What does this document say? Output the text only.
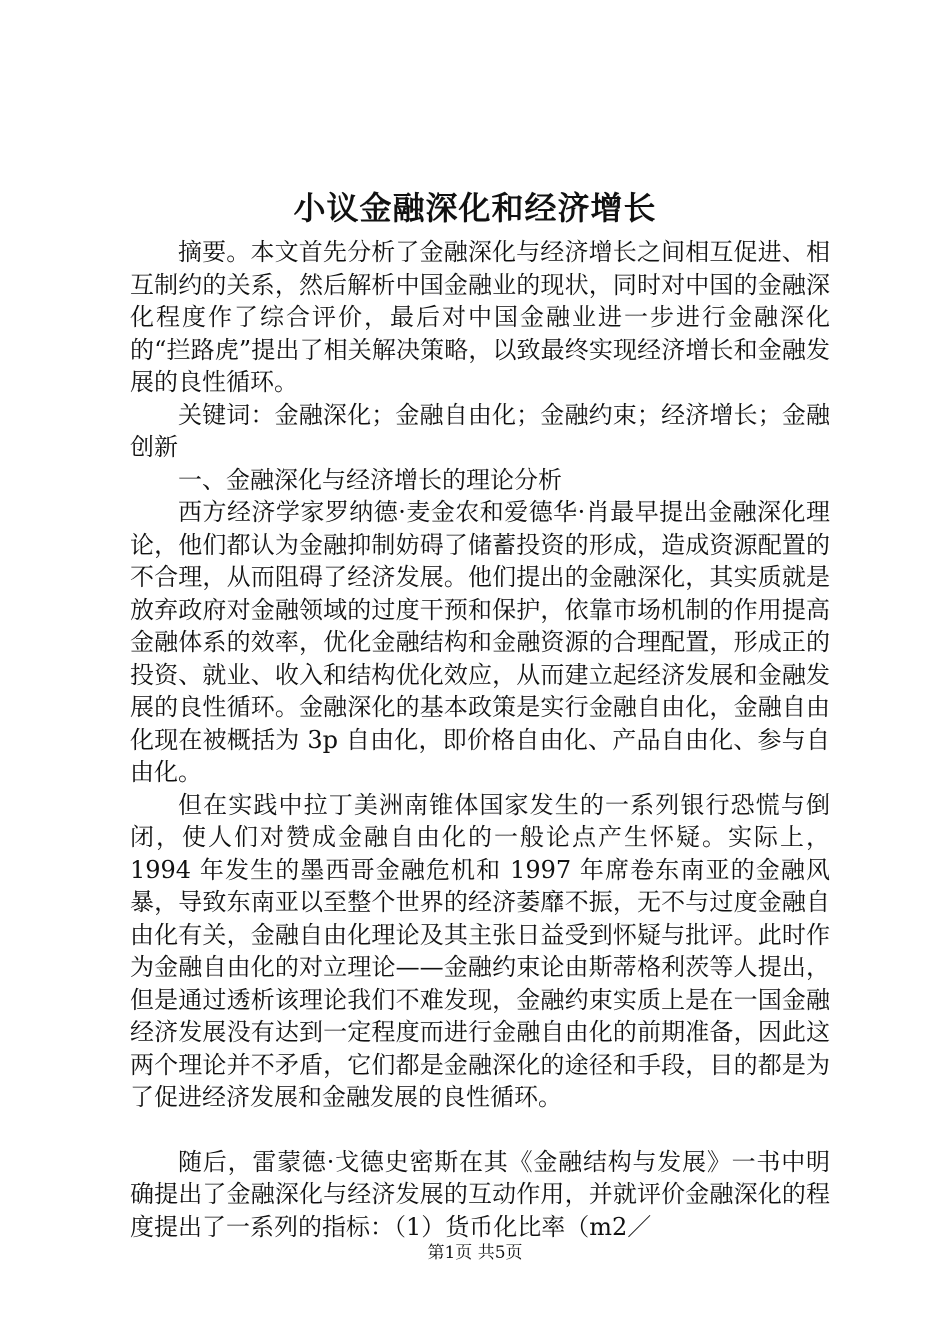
小议金融深化和经济增长

摘要。本文首先分析了金融深化与经济增长之间相互促进、相互制约的关系，然后解析中国金融业的现状，同时对中国的金融深化程度作了综合评价，最后对中国金融业进一步进行金融深化的“拦路虎”提出了相关解决策略，以致最终实现经济增长和金融发展的良性循环。

关键词：金融深化；金融自由化；金融约束；经济增长；金融创新

一、金融深化与经济增长的理论分析

西方经济学家罗纳德·麦金农和爱德华·肖最早提出金融深化理论，他们都认为金融抑制妨碍了储蓄投资的形成，造成资源配置的不合理，从而阻碍了经济发展。他们提出的金融深化，其实质就是放弃政府对金融领域的过度干预和保护，依靠市场机制的作用提高金融体系的效率，优化金融结构和金融资源的合理配置，形成正的投资、就业、收入和结构优化效应，从而建立起经济发展和金融发展的良性循环。金融深化的基本政策是实行金融自由化，金融自由化现在被概括为 3p 自由化，即价格自由化、产品自由化、参与自由化。

但在实践中拉丁美洲南锥体国家发生的一系列银行恐慌与倒闭，使人们对赞成金融自由化的一般论点产生怀疑。实际上，1994 年发生的墨西哥金融危机和 1997 年席卷东南亚的金融风暴，导致东南亚以至整个世界的经济萎靡不振，无不与过度金融自由化有关，金融自由化理论及其主张日益受到怀疑与批评。此时作为金融自由化的对立理论——金融约束论由斯蒂格利茨等人提出，但是通过透析该理论我们不难发现，金融约束实质上是在一国金融经济发展没有达到一定程度而进行金融自由化的前期准备，因此这两个理论并不矛盾，它们都是金融深化的途径和手段，目的都是为了促进经济发展和金融发展的良性循环。

随后，雷蒙德·戈德史密斯在其《金融结构与发展》一书中明确提出了金融深化与经济发展的互动作用，并就评价金融深化的程度提出了一系列的指标：（1）货币化比率（m2／

第1页 共5页
